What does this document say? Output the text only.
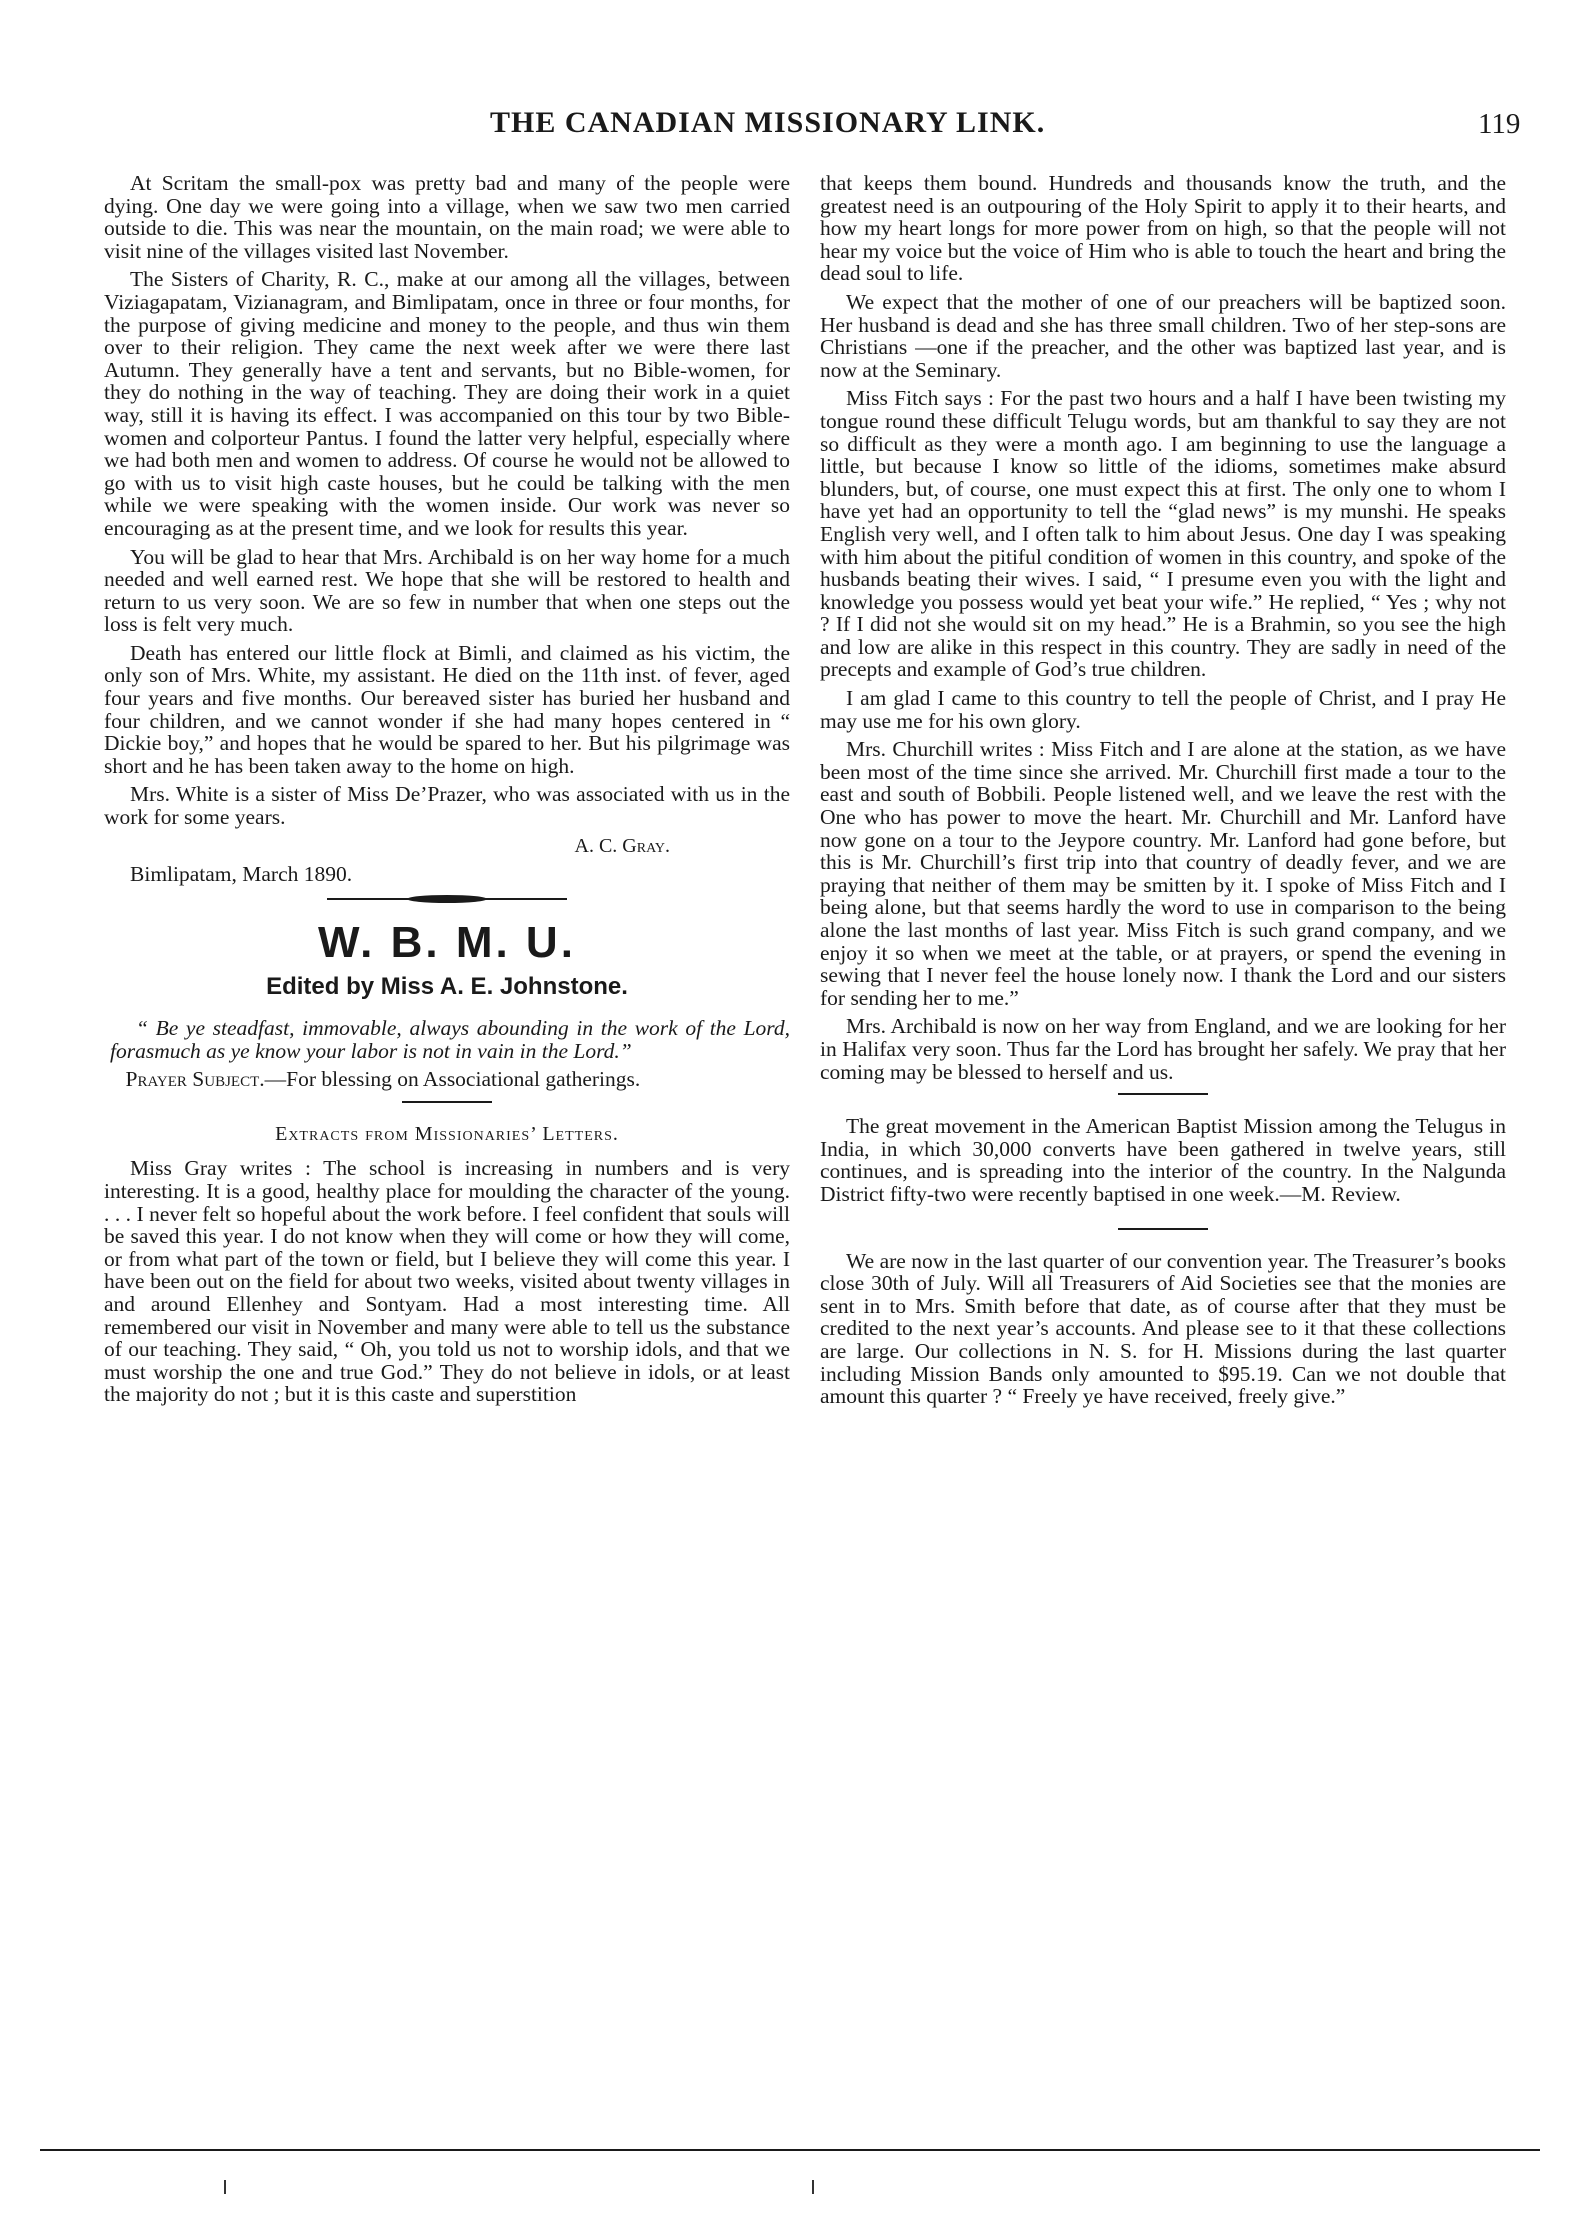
THE CANADIAN MISSIONARY LINK.	119

At Scritam the small-pox was pretty bad and many of the people were dying. One day we were going into a village, when we saw two men carried outside to die. This was near the mountain, on the main road; we were able to visit nine of the villages visited last November.

The Sisters of Charity, R. C., make at our among all the villages, between Viziagapatam, Vizianagram, and Bimlipatam, once in three or four months, for the purpose of giving medicine and money to the people, and thus win them over to their religion. They came the next week after we were there last Autumn. They generally have a tent and servants, but no Bible-women, for they do nothing in the way of teaching. They are doing their work in a quiet way, still it is having its effect. I was accompanied on this tour by two Bible-women and colporteur Pantus. I found the latter very helpful, especially where we had both men and women to address. Of course he would not be allowed to go with us to visit high caste houses, but he could be talking with the men while we were speaking with the women inside. Our work was never so encouraging as at the present time, and we look for results this year.

You will be glad to hear that Mrs. Archibald is on her way home for a much needed and well earned rest. We hope that she will be restored to health and return to us very soon. We are so few in number that when one steps out the loss is felt very much.

Death has entered our little flock at Bimli, and claimed as his victim, the only son of Mrs. White, my assistant. He died on the 11th inst. of fever, aged four years and five months. Our bereaved sister has buried her husband and four children, and we cannot wonder if she had many hopes centered in “ Dickie boy,” and hopes that he would be spared to her. But his pilgrimage was short and he has been taken away to the home on high.

Mrs. White is a sister of Miss De’Prazer, who was associated with us in the work for some years.

A. C. Gray.

Bimlipatam, March 1890.

W. B. M. U.
Edited by Miss A. E. Johnstone.

“ Be ye steadfast, immovable, always abounding in the work of the Lord, forasmuch as ye know your labor is not in vain in the Lord.”

Prayer Subject.—For blessing on Associational gatherings.

Extracts from Missionaries’ Letters.

Miss Gray writes : The school is increasing in numbers and is very interesting. It is a good, healthy place for moulding the character of the young. . . . I never felt so hopeful about the work before. I feel confident that souls will be saved this year. I do not know when they will come or how they will come, or from what part of the town or field, but I believe they will come this year. I have been out on the field for about two weeks, visited about twenty villages in and around Ellenhey and Sontyam. Had a most interesting time. All remembered our visit in November and many were able to tell us the substance of our teaching. They said, “ Oh, you told us not to worship idols, and that we must worship the one and true God.” They do not believe in idols, or at least the majority do not ; but it is this caste and superstition

that keeps them bound. Hundreds and thousands know the truth, and the greatest need is an outpouring of the Holy Spirit to apply it to their hearts, and how my heart longs for more power from on high, so that the people will not hear my voice but the voice of Him who is able to touch the heart and bring the dead soul to life.

We expect that the mother of one of our preachers will be baptized soon. Her husband is dead and she has three small children. Two of her step-sons are Christians —one if the preacher, and the other was baptized last year, and is now at the Seminary.

Miss Fitch says : For the past two hours and a half I have been twisting my tongue round these difficult Telugu words, but am thankful to say they are not so difficult as they were a month ago. I am beginning to use the language a little, but because I know so little of the idioms, sometimes make absurd blunders, but, of course, one must expect this at first. The only one to whom I have yet had an opportunity to tell the “glad news” is my munshi. He speaks English very well, and I often talk to him about Jesus. One day I was speaking with him about the pitiful condition of women in this country, and spoke of the husbands beating their wives. I said, “ I presume even you with the light and knowledge you possess would yet beat your wife.” He replied, “ Yes ; why not ? If I did not she would sit on my head.” He is a Brahmin, so you see the high and low are alike in this respect in this country. They are sadly in need of the precepts and example of God’s true children.

I am glad I came to this country to tell the people of Christ, and I pray He may use me for his own glory.

Mrs. Churchill writes : Miss Fitch and I are alone at the station, as we have been most of the time since she arrived. Mr. Churchill first made a tour to the east and south of Bobbili. People listened well, and we leave the rest with the One who has power to move the heart. Mr. Churchill and Mr. Lanford have now gone on a tour to the Jeypore country. Mr. Lanford had gone before, but this is Mr. Churchill’s first trip into that country of deadly fever, and we are praying that neither of them may be smitten by it. I spoke of Miss Fitch and I being alone, but that seems hardly the word to use in comparison to the being alone the last months of last year. Miss Fitch is such grand company, and we enjoy it so when we meet at the table, or at prayers, or spend the evening in sewing that I never feel the house lonely now. I thank the Lord and our sisters for sending her to me.”

Mrs. Archibald is now on her way from England, and we are looking for her in Halifax very soon. Thus far the Lord has brought her safely. We pray that her coming may be blessed to herself and us.

The great movement in the American Baptist Mission among the Telugus in India, in which 30,000 converts have been gathered in twelve years, still continues, and is spreading into the interior of the country. In the Nalgunda District fifty-two were recently baptised in one week.—M. Review.

We are now in the last quarter of our convention year. The Treasurer’s books close 30th of July. Will all Treasurers of Aid Societies see that the monies are sent in to Mrs. Smith before that date, as of course after that they must be credited to the next year’s accounts. And please see to it that these collections are large. Our collections in N. S. for H. Missions during the last quarter including Mission Bands only amounted to $95.19. Can we not double that amount this quarter ? “ Freely ye have received, freely give.”
